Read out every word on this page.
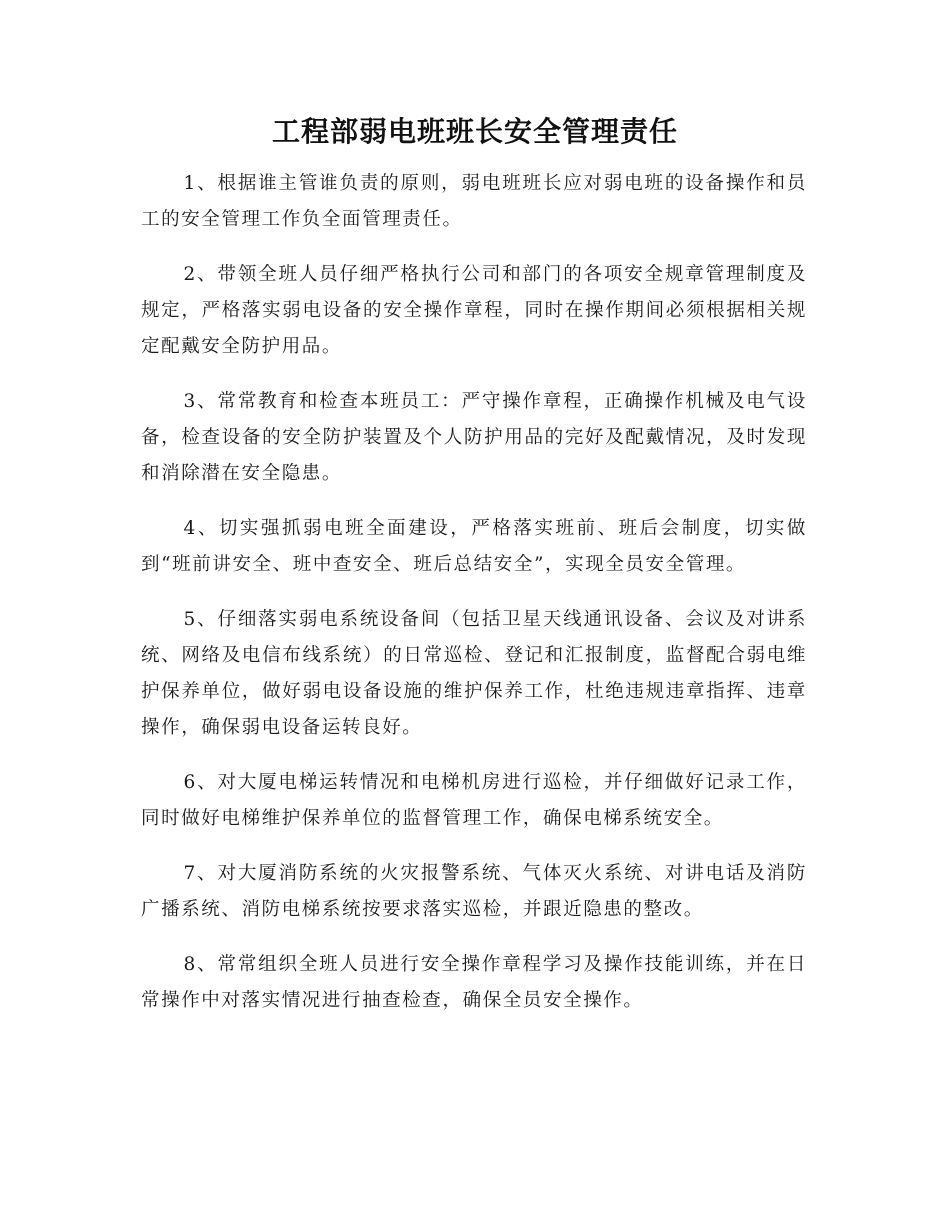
工程部弱电班班长安全管理责任

1、根据谁主管谁负责的原则，弱电班班长应对弱电班的设备操作和员工的安全管理工作负全面管理责任。

2、带领全班人员仔细严格执行公司和部门的各项安全规章管理制度及规定，严格落实弱电设备的安全操作章程，同时在操作期间必须根据相关规定配戴安全防护用品。

3、常常教育和检查本班员工：严守操作章程，正确操作机械及电气设备，检查设备的安全防护装置及个人防护用品的完好及配戴情况，及时发现和消除潜在安全隐患。

4、切实强抓弱电班全面建设，严格落实班前、班后会制度，切实做到“班前讲安全、班中查安全、班后总结安全”，实现全员安全管理。

5、仔细落实弱电系统设备间（包括卫星天线通讯设备、会议及对讲系统、网络及电信布线系统）的日常巡检、登记和汇报制度，监督配合弱电维护保养单位，做好弱电设备设施的维护保养工作，杜绝违规违章指挥、违章操作，确保弱电设备运转良好。

6、对大厦电梯运转情况和电梯机房进行巡检，并仔细做好记录工作，同时做好电梯维护保养单位的监督管理工作，确保电梯系统安全。

7、对大厦消防系统的火灾报警系统、气体灭火系统、对讲电话及消防广播系统、消防电梯系统按要求落实巡检，并跟近隐患的整改。

8、常常组织全班人员进行安全操作章程学习及操作技能训练，并在日常操作中对落实情况进行抽查检查，确保全员安全操作。
